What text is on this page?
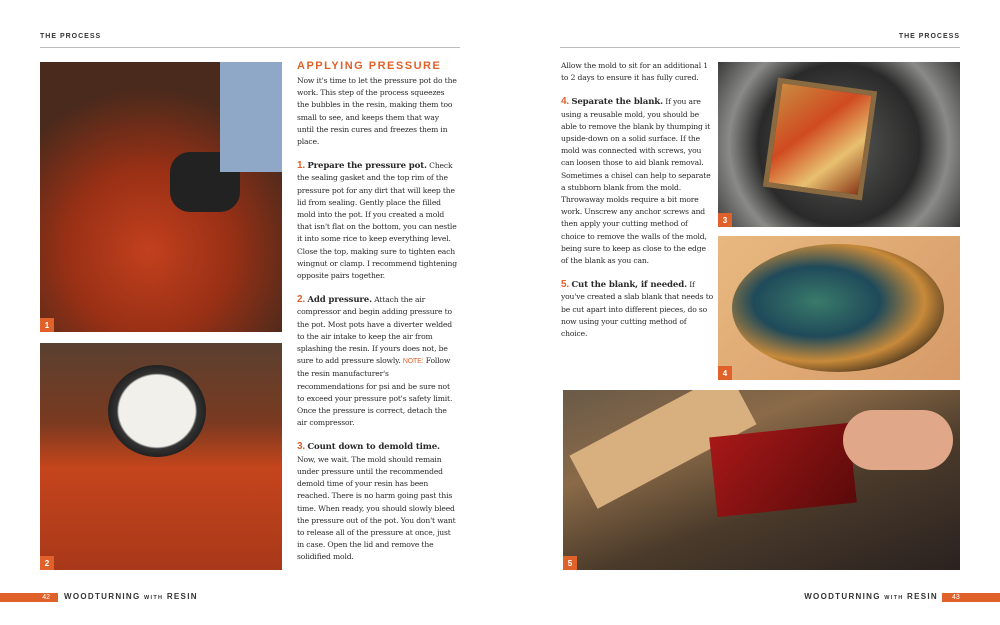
THE PROCESS	THE PROCESS
1
2
3
4
5
APPLYING PRESSURE

Now it's time to let the pressure pot do the work. This step of the process squeezes the bubbles in the resin, making them too small to see, and keeps them that way until the resin cures and freezes them in place.

1. Prepare the pressure pot. Check the sealing gasket and the top rim of the pressure pot for any dirt that will keep the lid from sealing. Gently place the filled mold into the pot. If you created a mold that isn't flat on the bottom, you can nestle it into some rice to keep everything level. Close the top, making sure to tighten each wingnut or clamp. I recommend tightening opposite pairs together.

2. Add pressure. Attach the air compressor and begin adding pressure to the pot. Most pots have a diverter welded to the air intake to keep the air from splashing the resin. If yours does not, be sure to add pressure slowly. NOTE: Follow the resin manufacturer's recommendations for psi and be sure not to exceed your pressure pot's safety limit. Once the pressure is correct, detach the air compressor.

3. Count down to demold time. Now, we wait. The mold should remain under pressure until the recommended demold time of your resin has been reached. There is no harm going past this time. When ready, you should slowly bleed the pressure out of the pot. You don't want to release all of the pressure at once, just in case. Open the lid and remove the solidified mold.

Allow the mold to sit for an additional 1 to 2 days to ensure it has fully cured.

4. Separate the blank. If you are using a reusable mold, you should be able to remove the blank by thumping it upside-down on a solid surface. If the mold was connected with screws, you can loosen those to aid blank removal. Sometimes a chisel can help to separate a stubborn blank from the mold. Throwaway molds require a bit more work. Unscrew any anchor screws and then apply your cutting method of choice to remove the walls of the mold, being sure to keep as close to the edge of the blank as you can.

5. Cut the blank, if needed. If you've created a slab blank that needs to be cut apart into different pieces, do so now using your cutting method of choice.

42	WOODTURNING WITH RESIN	WOODTURNING WITH RESIN	43
